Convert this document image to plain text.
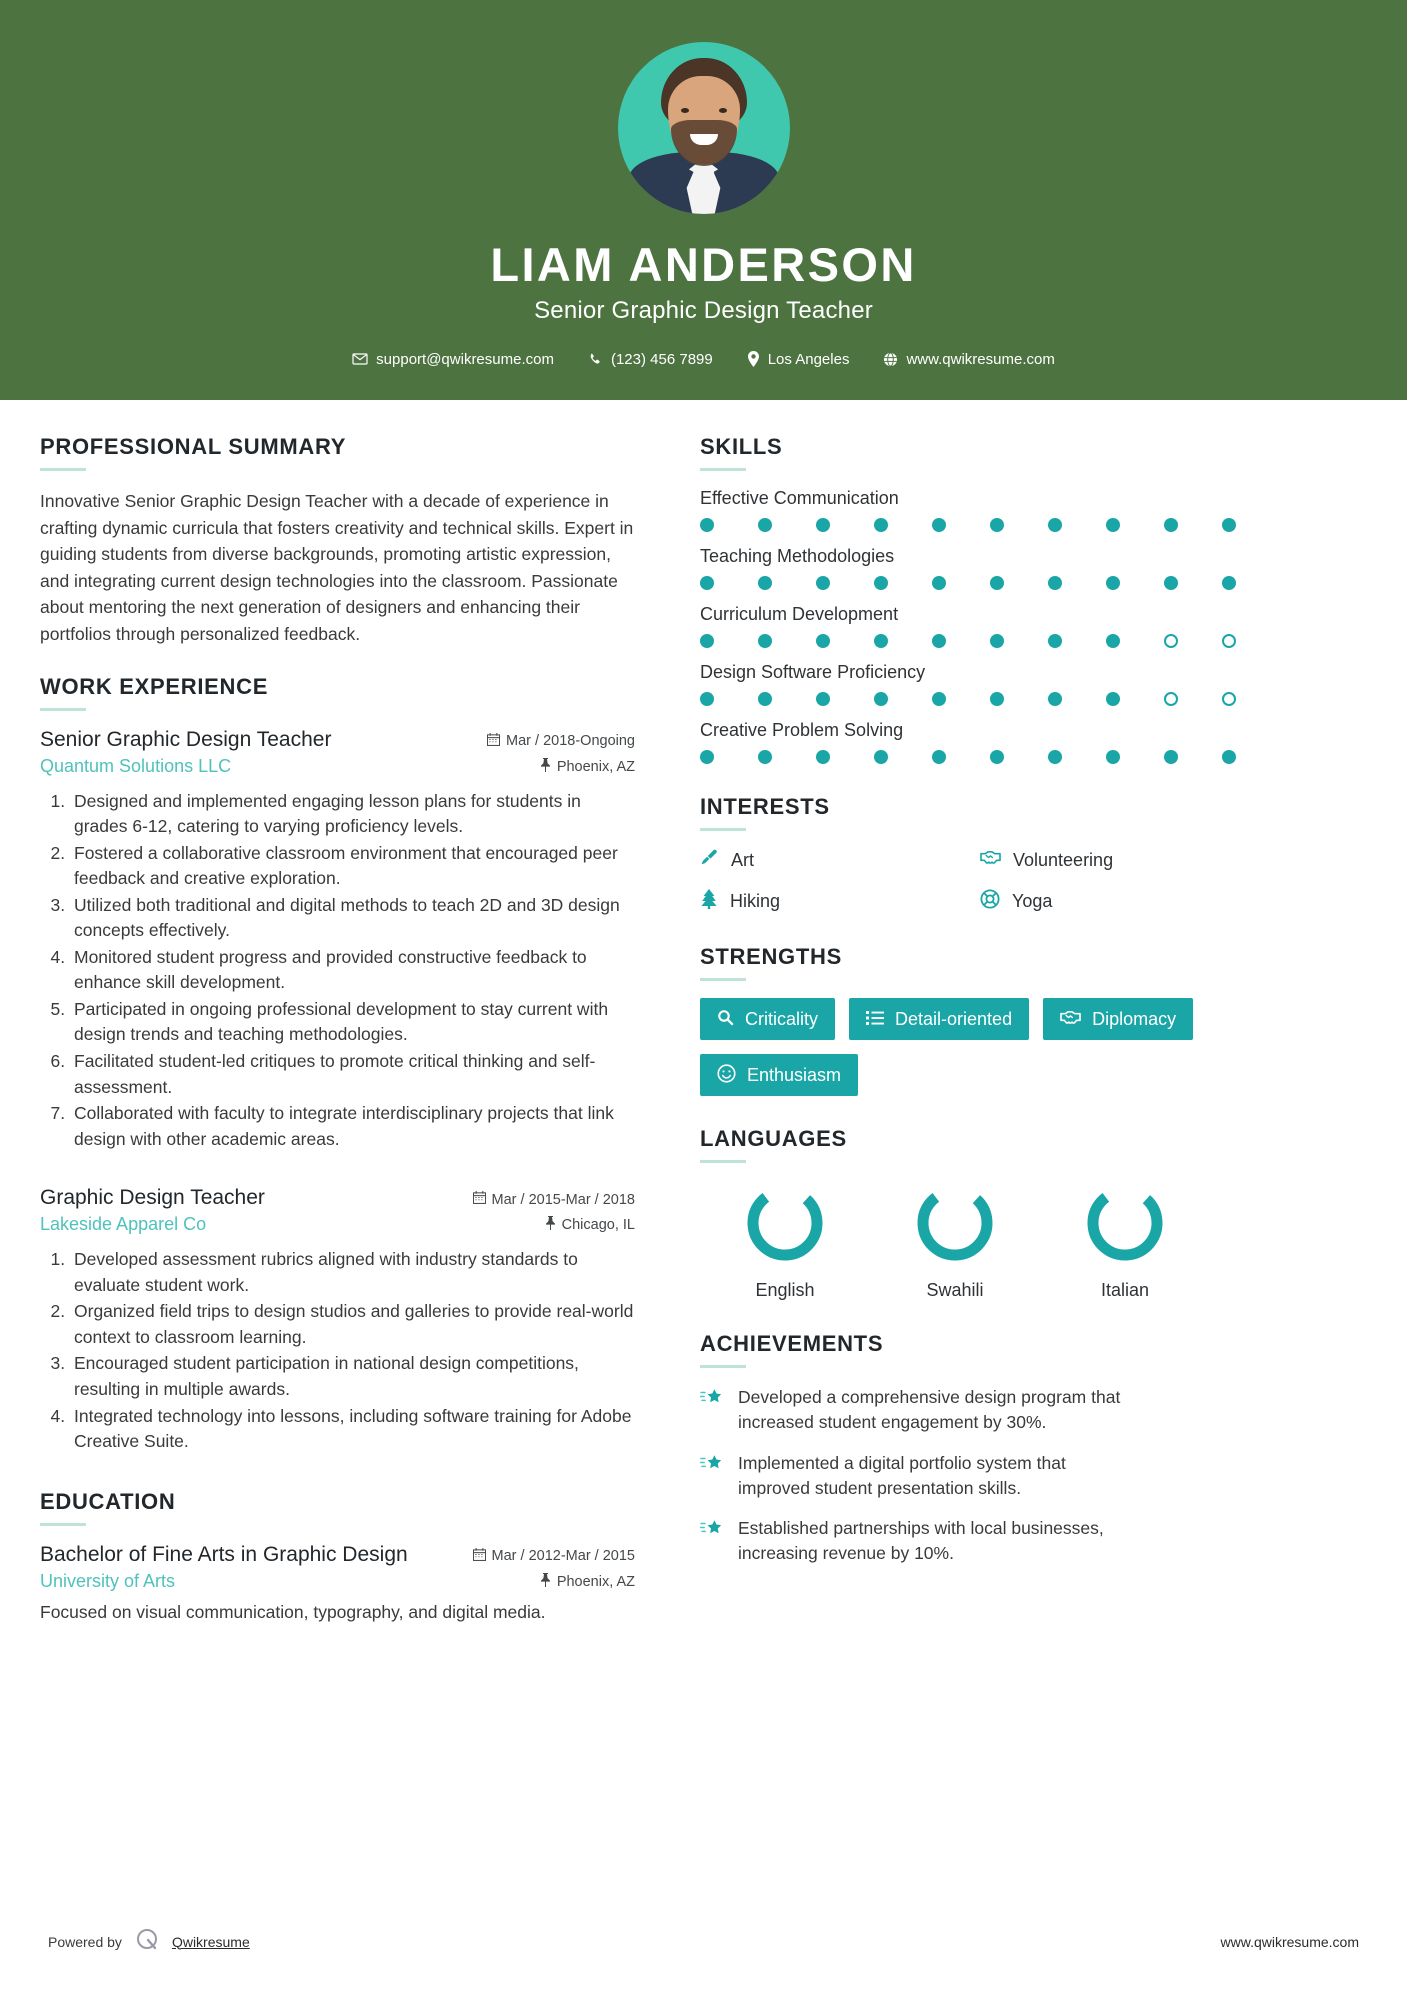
LIAM ANDERSON
Senior Graphic Design Teacher
support@qwikresume.com	(123) 456 7899	Los Angeles	www.qwikresume.com
PROFESSIONAL SUMMARY
Innovative Senior Graphic Design Teacher with a decade of experience in crafting dynamic curricula that fosters creativity and technical skills. Expert in guiding students from diverse backgrounds, promoting artistic expression, and integrating current design technologies into the classroom. Passionate about mentoring the next generation of designers and enhancing their portfolios through personalized feedback.
WORK EXPERIENCE
Senior Graphic Design Teacher	Mar / 2018-Ongoing
Quantum Solutions LLC	Phoenix, AZ
1. Designed and implemented engaging lesson plans for students in grades 6-12, catering to varying proficiency levels.
2. Fostered a collaborative classroom environment that encouraged peer feedback and creative exploration.
3. Utilized both traditional and digital methods to teach 2D and 3D design concepts effectively.
4. Monitored student progress and provided constructive feedback to enhance skill development.
5. Participated in ongoing professional development to stay current with design trends and teaching methodologies.
6. Facilitated student-led critiques to promote critical thinking and self-assessment.
7. Collaborated with faculty to integrate interdisciplinary projects that link design with other academic areas.
Graphic Design Teacher	Mar / 2015-Mar / 2018
Lakeside Apparel Co	Chicago, IL
1. Developed assessment rubrics aligned with industry standards to evaluate student work.
2. Organized field trips to design studios and galleries to provide real-world context to classroom learning.
3. Encouraged student participation in national design competitions, resulting in multiple awards.
4. Integrated technology into lessons, including software training for Adobe Creative Suite.
EDUCATION
Bachelor of Fine Arts in Graphic Design	Mar / 2012-Mar / 2015
University of Arts	Phoenix, AZ
Focused on visual communication, typography, and digital media.
SKILLS
Effective Communication
Teaching Methodologies
Curriculum Development
Design Software Proficiency
Creative Problem Solving
INTERESTS
Art	Volunteering
Hiking	Yoga
STRENGTHS
Criticality	Detail-oriented	Diplomacy
Enthusiasm
LANGUAGES
English	Swahili	Italian
ACHIEVEMENTS
Developed a comprehensive design program that increased student engagement by 30%.
Implemented a digital portfolio system that improved student presentation skills.
Established partnerships with local businesses, increasing revenue by 10%.
Powered by	Qwikresume	www.qwikresume.com
